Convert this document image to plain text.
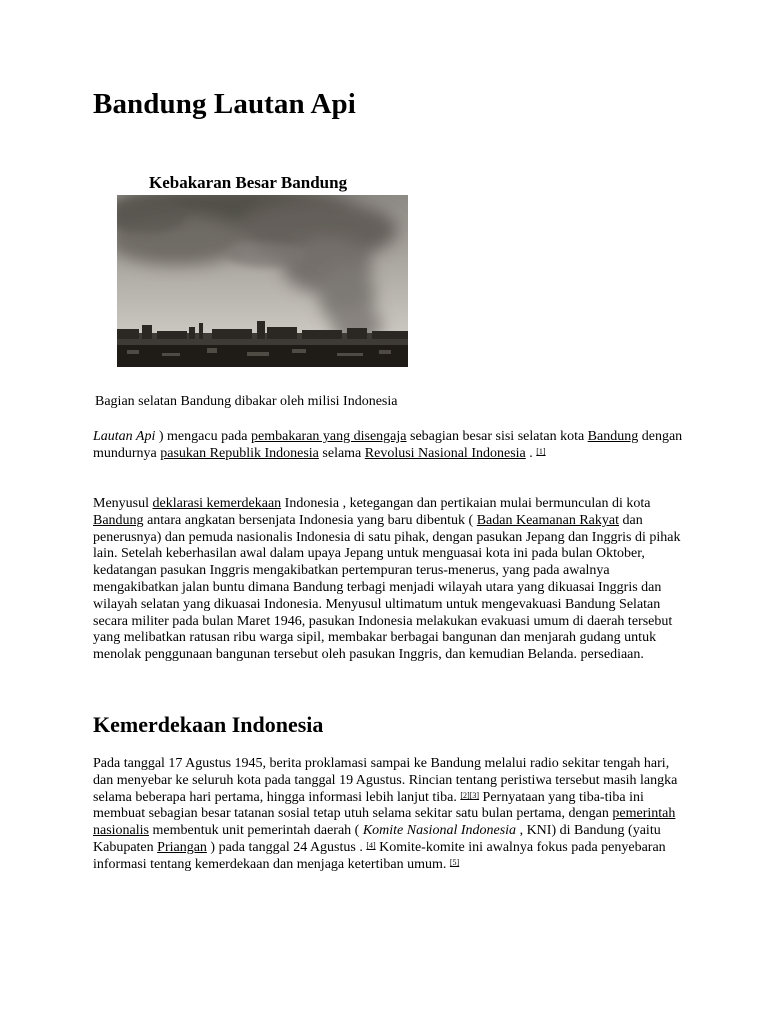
Bandung Lautan Api
Kebakaran Besar Bandung
Bagian selatan Bandung dibakar oleh milisi Indonesia

Lautan Api ) mengacu pada pembakaran yang disengaja sebagian besar sisi selatan kota Bandung dengan mundurnya pasukan Republik Indonesia selama Revolusi Nasional Indonesia . [1]

Menyusul deklarasi kemerdekaan Indonesia , ketegangan dan pertikaian mulai bermunculan di kota Bandung antara angkatan bersenjata Indonesia yang baru dibentuk ( Badan Keamanan Rakyat dan penerusnya) dan pemuda nasionalis Indonesia di satu pihak, dengan pasukan Jepang dan Inggris di pihak lain. Setelah keberhasilan awal dalam upaya Jepang untuk menguasai kota ini pada bulan Oktober, kedatangan pasukan Inggris mengakibatkan pertempuran terus-menerus, yang pada awalnya mengakibatkan jalan buntu dimana Bandung terbagi menjadi wilayah utara yang dikuasai Inggris dan wilayah selatan yang dikuasai Indonesia. Menyusul ultimatum untuk mengevakuasi Bandung Selatan secara militer pada bulan Maret 1946, pasukan Indonesia melakukan evakuasi umum di daerah tersebut yang melibatkan ratusan ribu warga sipil, membakar berbagai bangunan dan menjarah gudang untuk menolak penggunaan bangunan tersebut oleh pasukan Inggris, dan kemudian Belanda. persediaan.

Kemerdekaan Indonesia

Pada tanggal 17 Agustus 1945, berita proklamasi sampai ke Bandung melalui radio sekitar tengah hari, dan menyebar ke seluruh kota pada tanggal 19 Agustus. Rincian tentang peristiwa tersebut masih langka selama beberapa hari pertama, hingga informasi lebih lanjut tiba. [2][3] Pernyataan yang tiba-tiba ini membuat sebagian besar tatanan sosial tetap utuh selama sekitar satu bulan pertama, dengan pemerintah nasionalis membentuk unit pemerintah daerah ( Komite Nasional Indonesia , KNI) di Bandung (yaitu Kabupaten Priangan ) pada tanggal 24 Agustus . [4] Komite-komite ini awalnya fokus pada penyebaran informasi tentang kemerdekaan dan menjaga ketertiban umum. [5]
